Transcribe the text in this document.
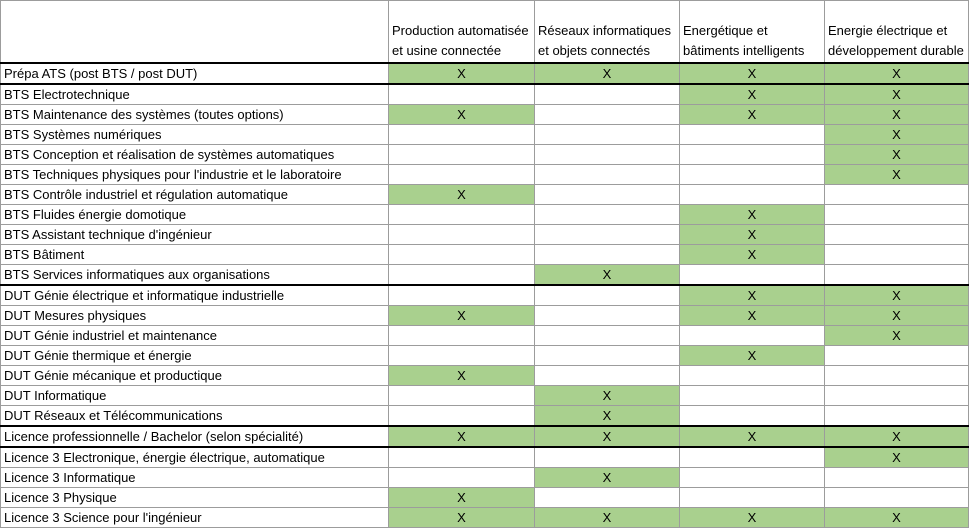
	Production automatisée et usine connectée	Réseaux informatiques et objets connectés	Energétique et bâtiments intelligents	Energie électrique et développement durable
Prépa ATS (post BTS / post DUT)	X	X	X	X
BTS Electrotechnique			X	X
BTS Maintenance des systèmes (toutes options)	X		X	X
BTS Systèmes numériques				X
BTS Conception et réalisation de systèmes automatiques				X
BTS Techniques physiques pour l'industrie et le laboratoire				X
BTS Contrôle industriel et régulation automatique	X			
BTS Fluides énergie domotique			X	
BTS Assistant technique d'ingénieur			X	
BTS Bâtiment			X	
BTS Services informatiques aux organisations		X		
DUT Génie électrique et informatique industrielle			X	X
DUT Mesures physiques	X		X	X
DUT Génie industriel et maintenance				X
DUT Génie thermique et énergie			X	
DUT Génie mécanique et productique	X			
DUT Informatique		X		
DUT Réseaux et Télécommunications		X		
Licence professionnelle / Bachelor (selon spécialité)	X	X	X	X
Licence 3 Electronique, énergie électrique, automatique				X
Licence 3 Informatique		X		
Licence 3 Physique	X			
Licence 3 Science pour l'ingénieur	X	X	X	X
